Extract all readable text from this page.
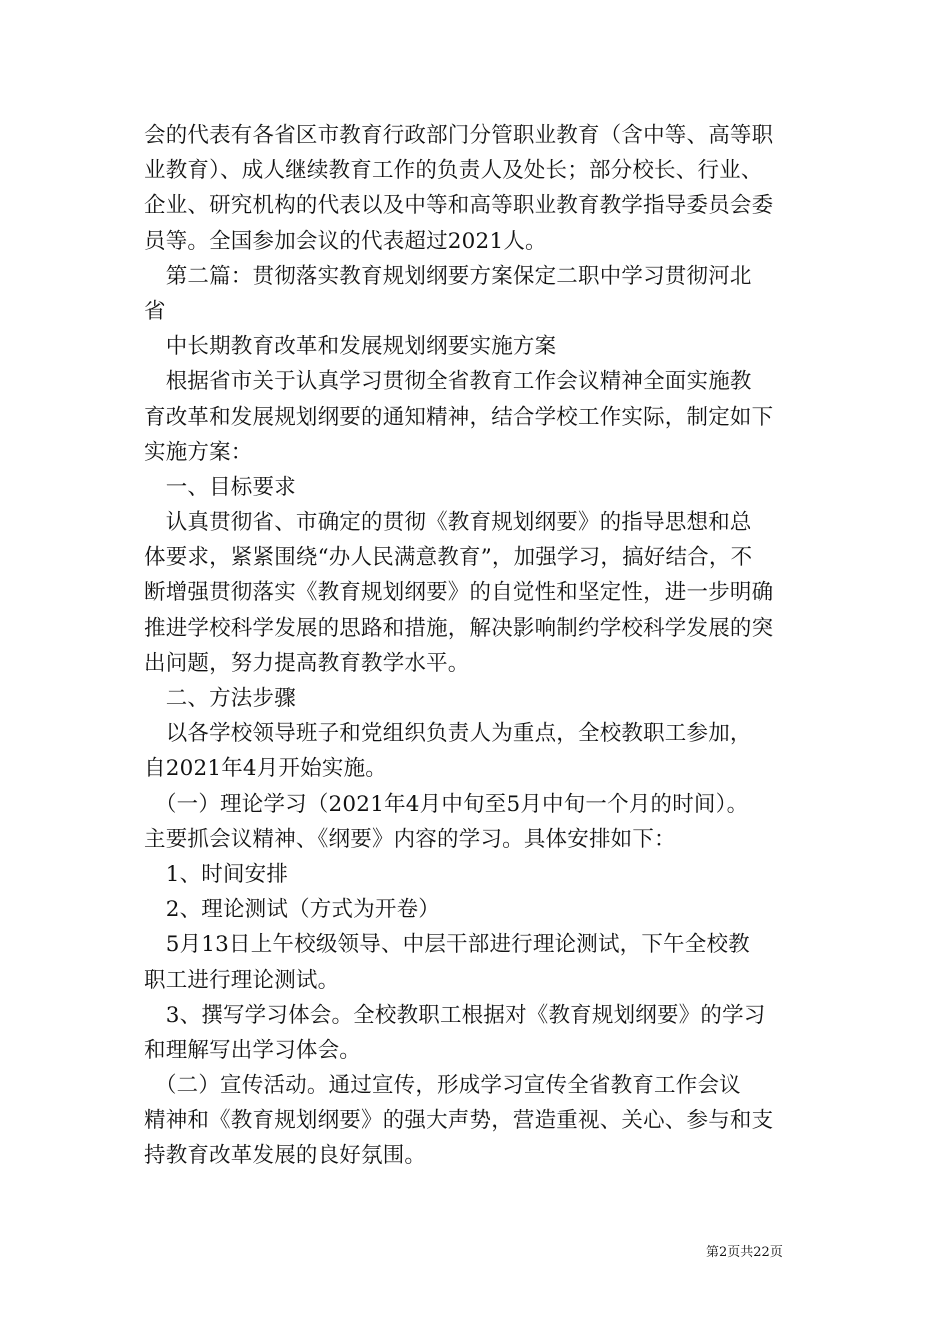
会的代表有各省区市教育行政部门分管职业教育（含中等、高等职
业教育）、成人继续教育工作的负责人及处长；部分校长、行业、
企业、研究机构的代表以及中等和高等职业教育教学指导委员会委
员等。全国参加会议的代表超过2021人。
　第二篇：贯彻落实教育规划纲要方案保定二职中学习贯彻河北
省
　中长期教育改革和发展规划纲要实施方案
　根据省市关于认真学习贯彻全省教育工作会议精神全面实施教
育改革和发展规划纲要的通知精神，结合学校工作实际，制定如下
实施方案：
　一、目标要求
　认真贯彻省、市确定的贯彻《教育规划纲要》的指导思想和总
体要求，紧紧围绕“办人民满意教育”，加强学习，搞好结合，不
断增强贯彻落实《教育规划纲要》的自觉性和坚定性，进一步明确
推进学校科学发展的思路和措施，解决影响制约学校科学发展的突
出问题，努力提高教育教学水平。
　二、方法步骤
　以各学校领导班子和党组织负责人为重点，全校教职工参加，
自2021年4月开始实施。
　（一）理论学习（2021年4月中旬至5月中旬一个月的时间）。
主要抓会议精神、《纲要》内容的学习。具体安排如下：
　1、时间安排
　2、理论测试（方式为开卷）
　5月13日上午校级领导、中层干部进行理论测试，下午全校教
职工进行理论测试。
　3、撰写学习体会。全校教职工根据对《教育规划纲要》的学习
和理解写出学习体会。
　（二）宣传活动。通过宣传，形成学习宣传全省教育工作会议
精神和《教育规划纲要》的强大声势，营造重视、关心、参与和支
持教育改革发展的良好氛围。
第2页共22页
